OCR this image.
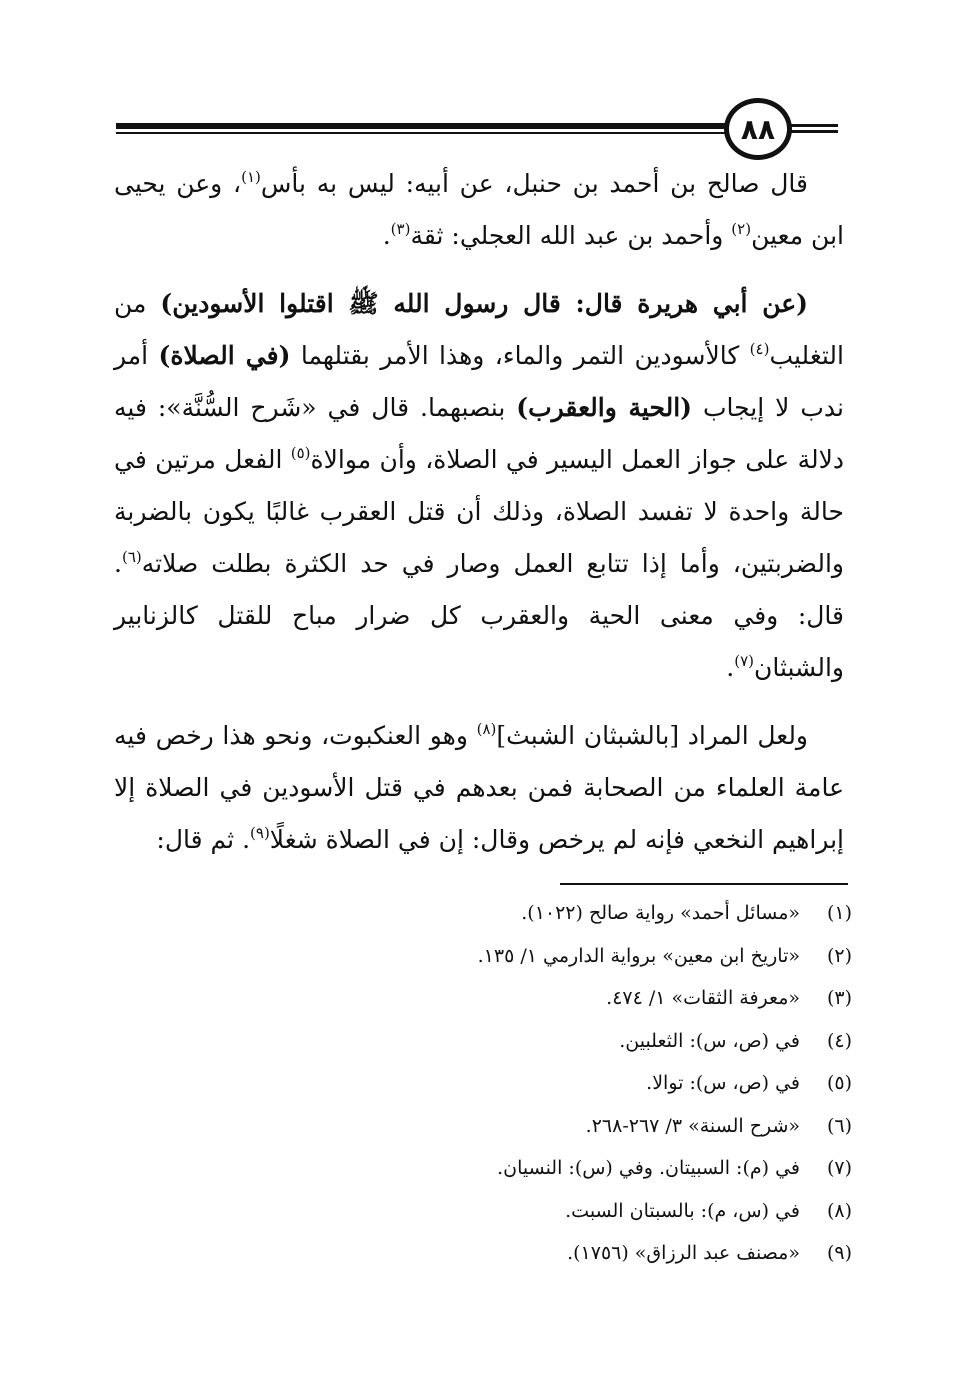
٨٨

قال صالح بن أحمد بن حنبل، عن أبيه: ليس به بأس$^{(١)}$، وعن يحيى ابن معين$^{(٢)}$ وأحمد بن عبد الله العجلي: ثقة$^{(٣)}$.

(عن أبي هريرة قال: قال رسول الله ﷺ اقتلوا الأسودين) من التغليب$^{(٤)}$ كالأسودين التمر والماء، وهذا الأمر بقتلهما (في الصلاة) أمر ندب لا إيجاب (الحية والعقرب) بنصبهما. قال في «شَرح السُّنَّة»: فيه دلالة على جواز العمل اليسير في الصلاة، وأن موالاة$^{(٥)}$ الفعل مرتين في حالة واحدة لا تفسد الصلاة، وذلك أن قتل العقرب غالبًا يكون بالضربة والضربتين، وأما إذا تتابع العمل وصار في حد الكثرة بطلت صلاته$^{(٦)}$. قال: وفي معنى الحية والعقرب كل ضرار مباح للقتل كالزنابير والشبثان$^{(٧)}$.

ولعل المراد [بالشبثان الشبث]$^{(٨)}$ وهو العنكبوت، ونحو هذا رخص فيه عامة العلماء من الصحابة فمن بعدهم في قتل الأسودين في الصلاة إلا إبراهيم النخعي فإنه لم يرخص وقال: إن في الصلاة شغلًا$^{(٩)}$. ثم قال:

(١)
«مسائل أحمد» رواية صالح (١٠٢٢).
(٢)
«تاريخ ابن معين» برواية الدارمي ١/ ١٣٥.
(٣)
«معرفة الثقات» ١/ ٤٧٤.
(٤)
في (ص، س): الثعلبين.
(٥)
في (ص، س): توالا.
(٦)
«شرح السنة» ٣/ ٢٦٧-٢٦٨.
(٧)
في (م): السبيتان. وفي (س): النسيان.
(٨)
في (س، م): بالسبتان السبت.
(٩)
«مصنف عبد الرزاق» (١٧٥٦).
